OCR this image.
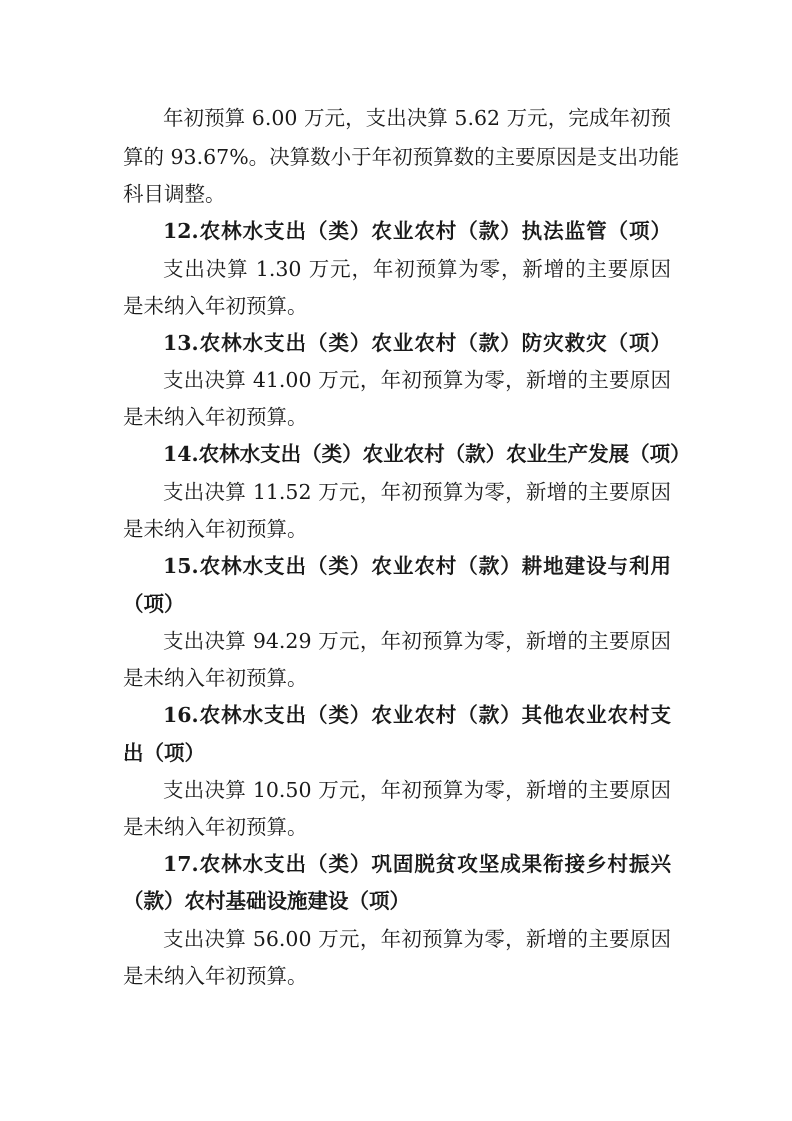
年初预算 6.00 万元，支出决算 5.62 万元，完成年初预
算的 93.67%。决算数小于年初预算数的主要原因是支出功能
科目调整。
12.农林水支出（类）农业农村（款）执法监管（项）
支出决算 1.30 万元，年初预算为零，新增的主要原因
是未纳入年初预算。
13.农林水支出（类）农业农村（款）防灾救灾（项）
支出决算 41.00 万元，年初预算为零，新增的主要原因
是未纳入年初预算。
14.农林水支出（类）农业农村（款）农业生产发展（项）
支出决算 11.52 万元，年初预算为零，新增的主要原因
是未纳入年初预算。
15.农林水支出（类）农业农村（款）耕地建设与利用
（项）
支出决算 94.29 万元，年初预算为零，新增的主要原因
是未纳入年初预算。
16.农林水支出（类）农业农村（款）其他农业农村支
出（项）
支出决算 10.50 万元，年初预算为零，新增的主要原因
是未纳入年初预算。
17.农林水支出（类）巩固脱贫攻坚成果衔接乡村振兴
（款）农村基础设施建设（项）
支出决算 56.00 万元，年初预算为零，新增的主要原因
是未纳入年初预算。
